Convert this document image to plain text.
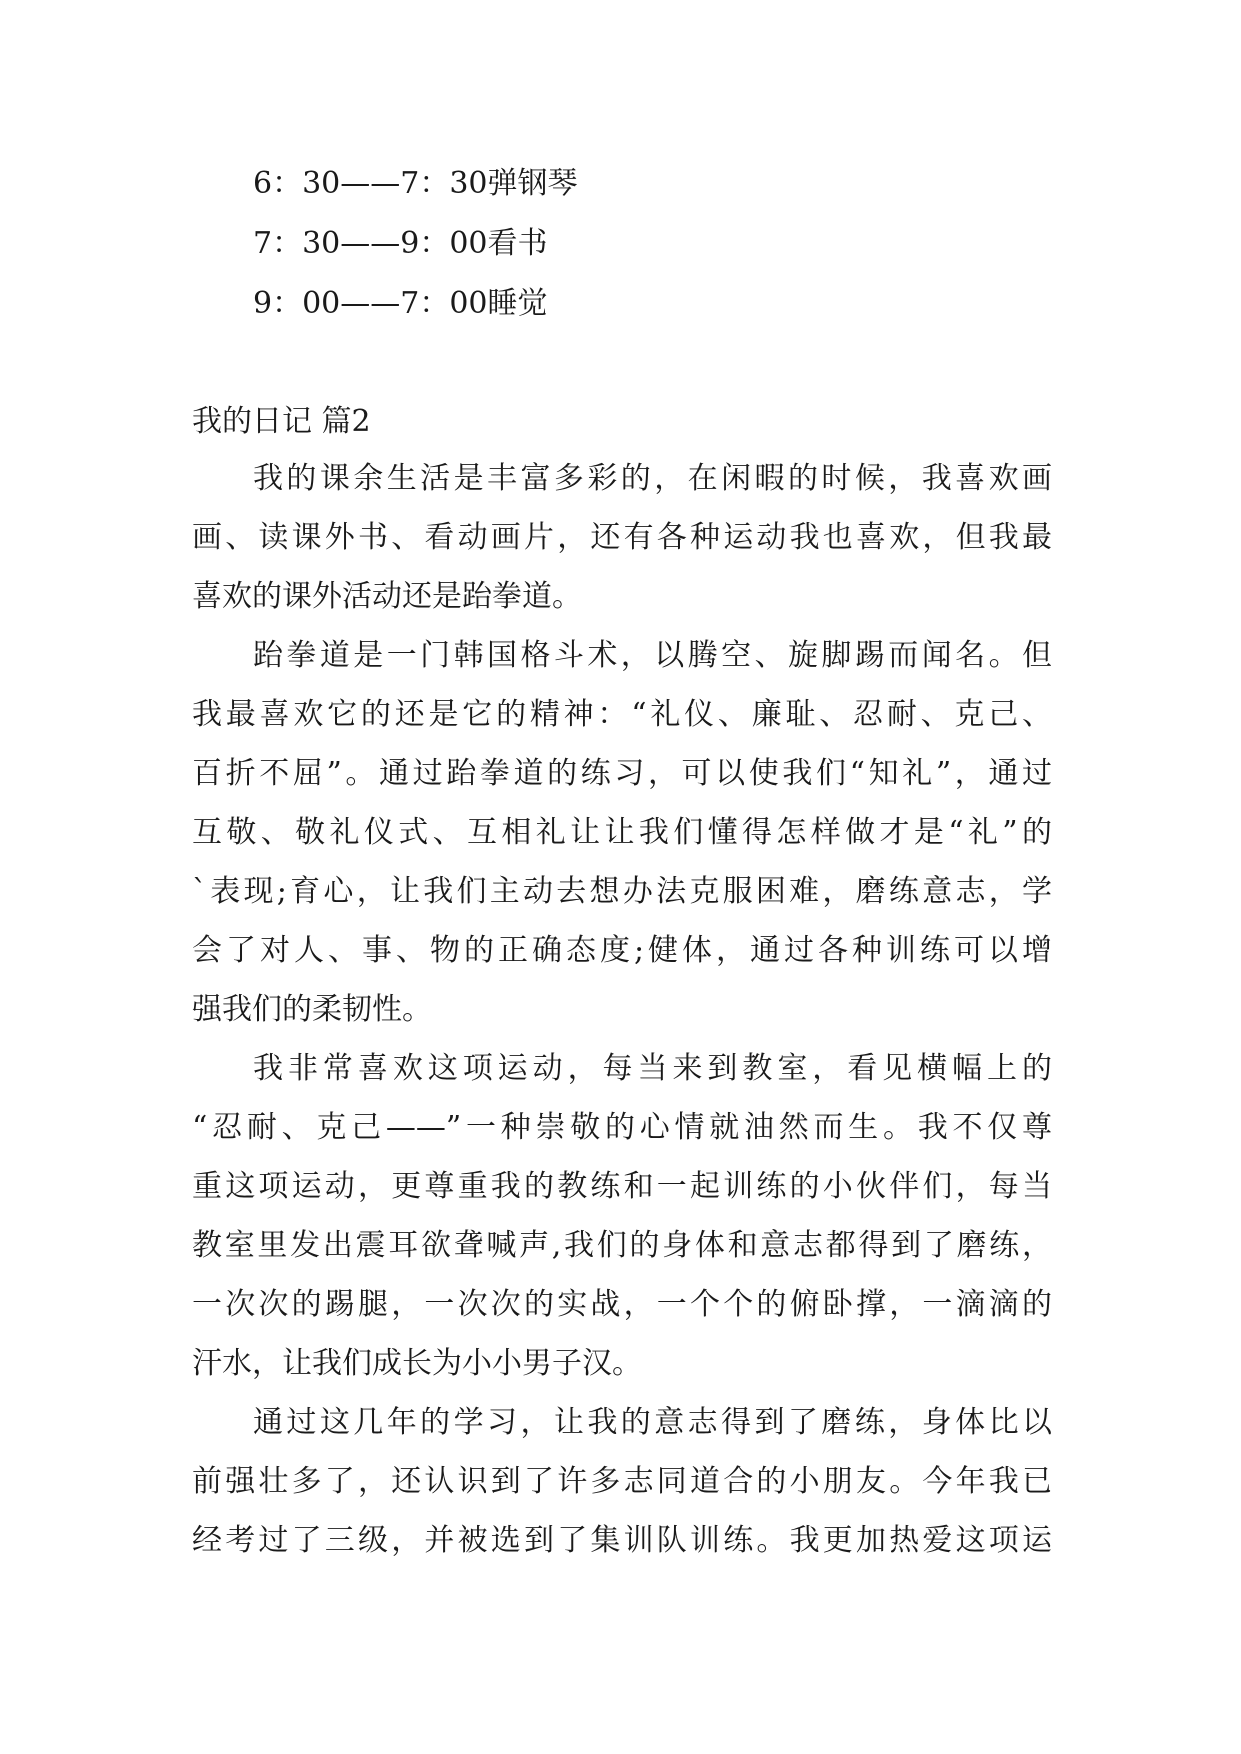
6：30——7：30弹钢琴
7：30——9：00看书
9：00——7：00睡觉
我的日记 篇2
我的课余生活是丰富多彩的，在闲暇的时候，我喜欢画
画、读课外书、看动画片，还有各种运动我也喜欢，但我最
喜欢的课外活动还是跆拳道。
跆拳道是一门韩国格斗术，以腾空、旋脚踢而闻名。但
我最喜欢它的还是它的精神：“礼仪、廉耻、忍耐、克己、
百折不屈”。通过跆拳道的练习，可以使我们“知礼”，通过
互敬、敬礼仪式、互相礼让让我们懂得怎样做才是“礼”的
`表现;育心，让我们主动去想办法克服困难，磨练意志，学
会了对人、事、物的正确态度;健体，通过各种训练可以增
强我们的柔韧性。
我非常喜欢这项运动，每当来到教室，看见横幅上的
“忍耐、克己——”一种崇敬的心情就油然而生。我不仅尊
重这项运动，更尊重我的教练和一起训练的小伙伴们，每当
教室里发出震耳欲聋喊声,我们的身体和意志都得到了磨练，
一次次的踢腿，一次次的实战，一个个的俯卧撑，一滴滴的
汗水，让我们成长为小小男子汉。
通过这几年的学习，让我的意志得到了磨练，身体比以
前强壮多了，还认识到了许多志同道合的小朋友。今年我已
经考过了三级，并被选到了集训队训练。我更加热爱这项运
